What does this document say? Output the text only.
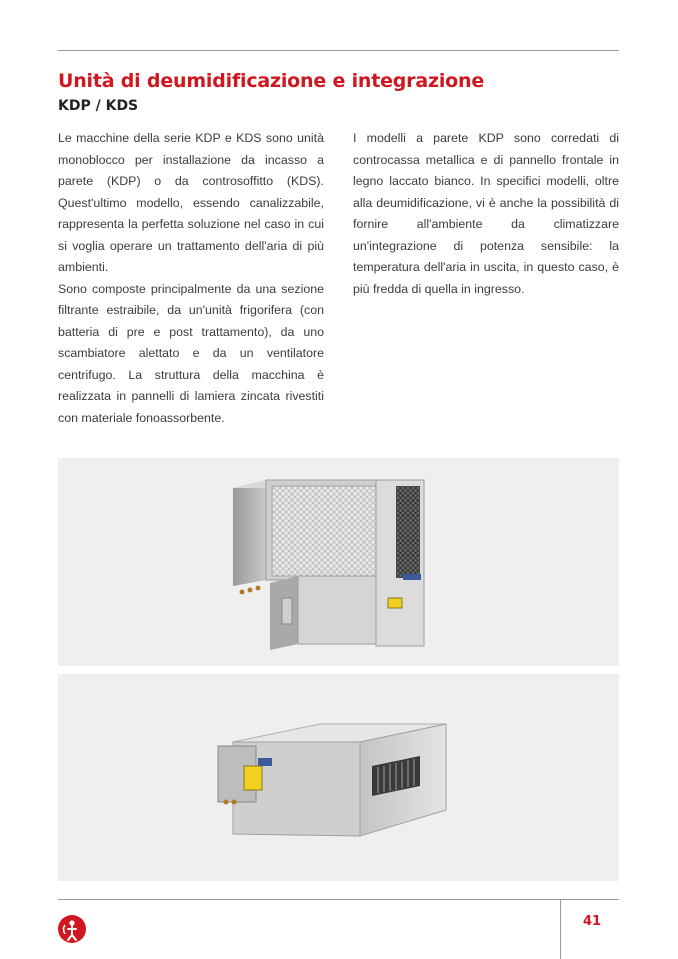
Unità di deumidificazione e integrazione
KDP / KDS

Le macchine della serie KDP e KDS sono unità monoblocco per installazione da incasso a parete (KDP) o da controsoffitto (KDS). Quest'ultimo modello, essendo canalizzabile, rappresenta la perfetta soluzione nel caso in cui si voglia operare un trattamento dell'aria di più ambienti.

Sono composte principalmente da una sezione filtrante estraibile, da un'unità frigorifera (con batteria di pre e post trattamento), da uno scambiatore alettato e da un ventilatore centrifugo. La struttura della macchina è realizzata in pannelli di lamiera zincata rivestiti con materiale fonoassorbente.

I modelli a parete KDP sono corredati di controcassa metallica e di pannello frontale in legno laccato bianco. In specifici modelli, oltre alla deumidificazione, vi è anche la possibilità di fornire all'ambiente da climatizzare un'integrazione di potenza sensibile: la temperatura dell'aria in uscita, in questo caso, è più fredda di quella in ingresso.

41
